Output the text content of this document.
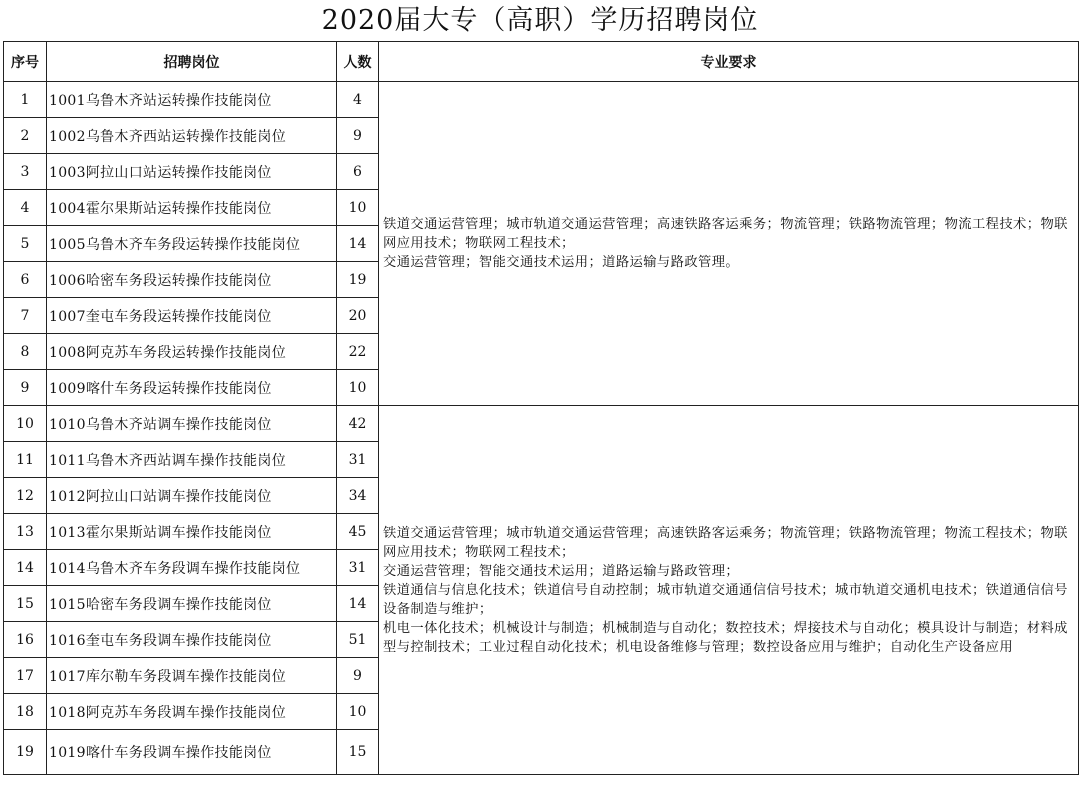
2020届大专（高职）学历招聘岗位
序号	招聘岗位	人数	专业要求
1	1001乌鲁木齐站运转操作技能岗位	4	铁道交通运营管理；城市轨道交通运营管理；高速铁路客运乘务；物流管理；铁路物流管理；物流工程技术；物联网应用技术；物联网工程技术；
交通运营管理；智能交通技术运用；道路运输与路政管理。

2	1002乌鲁木齐西站运转操作技能岗位	9	
3	1003阿拉山口站运转操作技能岗位	6	
4	1004霍尔果斯站运转操作技能岗位	10	
5	1005乌鲁木齐车务段运转操作技能岗位	14	
6	1006哈密车务段运转操作技能岗位	19	
7	1007奎屯车务段运转操作技能岗位	20	
8	1008阿克苏车务段运转操作技能岗位	22	
9	1009喀什车务段运转操作技能岗位	10	
10	1010乌鲁木齐站调车操作技能岗位	42	铁道交通运营管理；城市轨道交通运营管理；高速铁路客运乘务；物流管理；铁路物流管理；物流工程技术；物联网应用技术；物联网工程技术；
交通运营管理；智能交通技术运用；道路运输与路政管理；
铁道通信与信息化技术；铁道信号自动控制；城市轨道交通通信信号技术；城市轨道交通机电技术；铁道通信信号设备制造与维护；
机电一体化技术；机械设计与制造；机械制造与自动化；数控技术；焊接技术与自动化；模具设计与制造；材料成型与控制技术；工业过程自动化技术；机电设备维修与管理；数控设备应用与维护；自动化生产设备应用

11	1011乌鲁木齐西站调车操作技能岗位	31	
12	1012阿拉山口站调车操作技能岗位	34	
13	1013霍尔果斯站调车操作技能岗位	45	
14	1014乌鲁木齐车务段调车操作技能岗位	31	
15	1015哈密车务段调车操作技能岗位	14	
16	1016奎屯车务段调车操作技能岗位	51	
17	1017库尔勒车务段调车操作技能岗位	9	
18	1018阿克苏车务段调车操作技能岗位	10	
19	1019喀什车务段调车操作技能岗位	15	
